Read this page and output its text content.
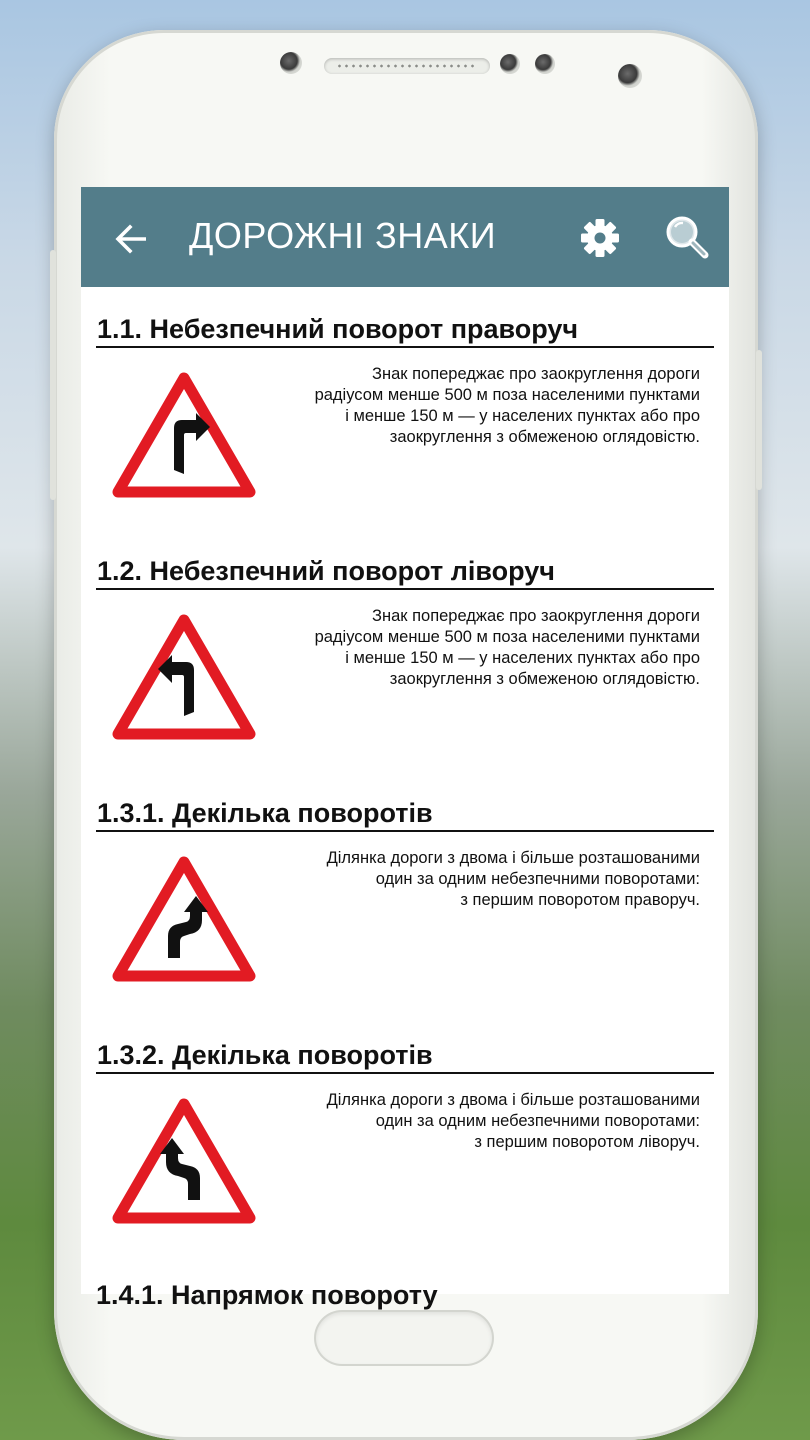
ДОРОЖНІ ЗНАКИ
1.1. Небезпечний поворот праворуч
Знак попереджає про заокруглення дороги
радіусом менше 500 м поза населеними пунктами
і менше 150 м — у населених пунктах або про
заокруглення з обмеженою оглядовістю.
1.2. Небезпечний поворот ліворуч
Знак попереджає про заокруглення дороги
радіусом менше 500 м поза населеними пунктами
і менше 150 м — у населених пунктах або про
заокруглення з обмеженою оглядовістю.
1.3.1. Декілька поворотів
Ділянка дороги з двома і більше розташованими
один за одним небезпечними поворотами:
з першим поворотом праворуч.
1.3.2. Декілька поворотів
Ділянка дороги з двома і більше розташованими
один за одним небезпечними поворотами:
з першим поворотом ліворуч.
1.4.1. Напрямок повороту
